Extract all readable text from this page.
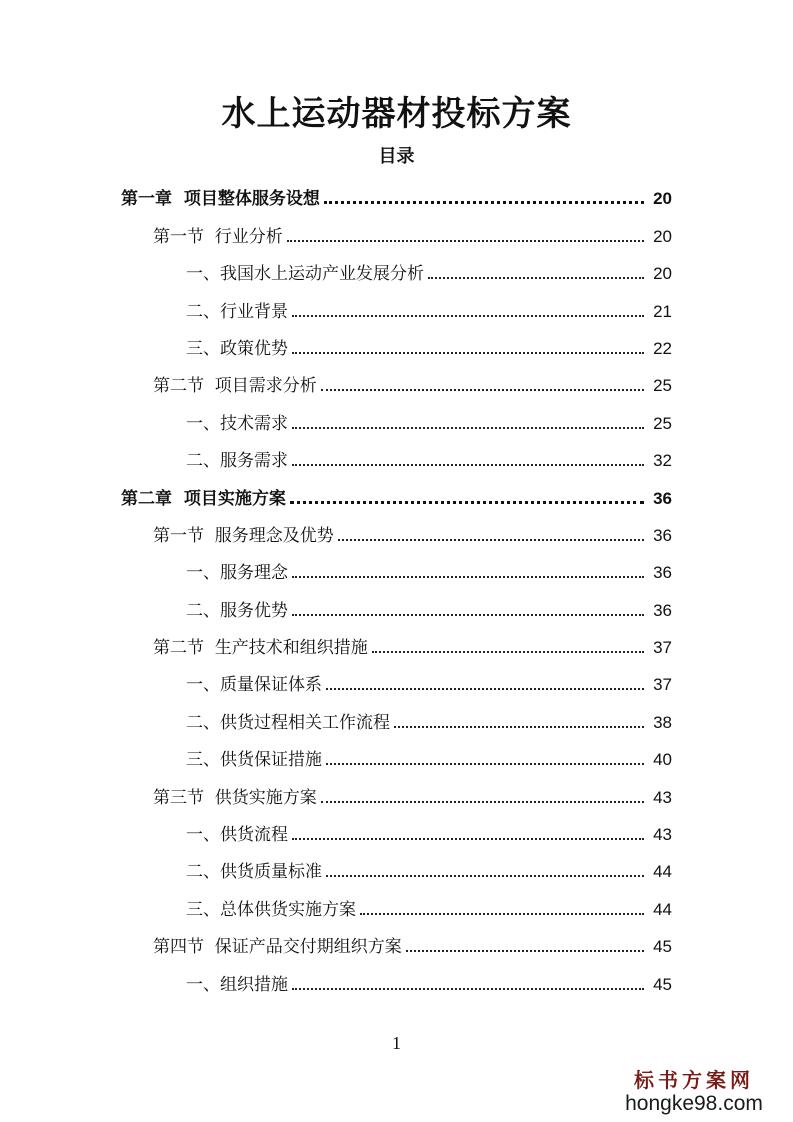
水上运动器材投标方案
目录
第一章  项目整体服务设想	20
第一节  行业分析	20
一、我国水上运动产业发展分析	20
二、行业背景	21
三、政策优势	22
第二节  项目需求分析	25
一、技术需求	25
二、服务需求	32
第二章  项目实施方案	36
第一节  服务理念及优势	36
一、服务理念	36
二、服务优势	36
第二节  生产技术和组织措施	37
一、质量保证体系	37
二、供货过程相关工作流程	38
三、供货保证措施	40
第三节  供货实施方案	43
一、供货流程	43
二、供货质量标准	44
三、总体供货实施方案	44
第四节  保证产品交付期组织方案	45
一、组织措施	45
1
标书方案网
hongke98.com
